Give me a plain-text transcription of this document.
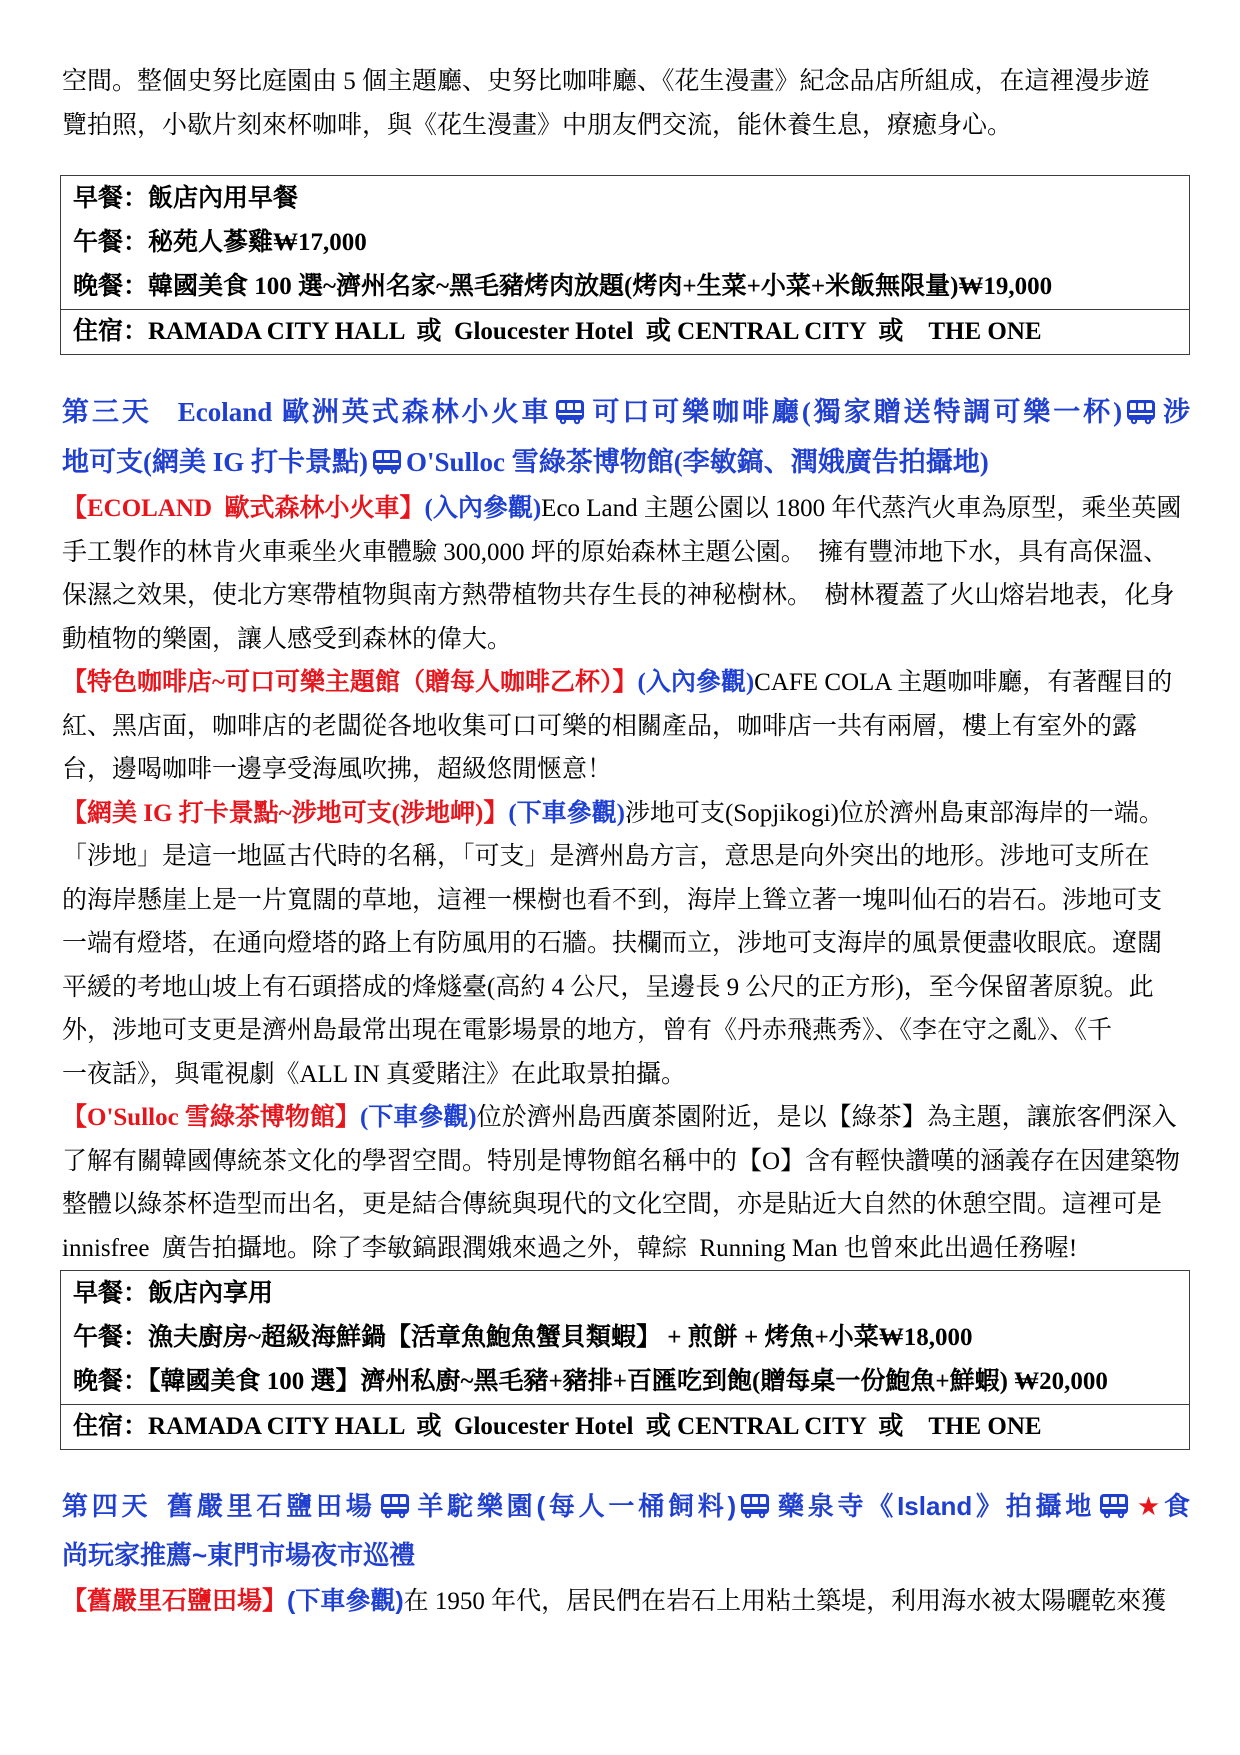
空間。整個史努比庭園由 5 個主題廳、史努比咖啡廳、《花生漫畫》紀念品店所組成，在這裡漫步遊
覽拍照，小歇片刻來杯咖啡，與《花生漫畫》中朋友們交流，能休養生息，療癒身心。
早餐：飯店內用早餐
午餐：秘苑人蔘雞₩17,000
晚餐：韓國美食 100 選~濟州名家~黑毛豬烤肉放題(烤肉+生菜+小菜+米飯無限量)₩19,000
住宿：RAMADA CITY HALL  或  Gloucester Hotel  或 CENTRAL CITY  或    THE ONE
第三天 Ecoland 歐洲英式森林小火車 可口可樂咖啡廳(獨家贈送特調可樂一杯) 涉
地可支(網美 IG 打卡景點) O'Sulloc 雪綠茶博物館(李敏鎬、潤娥廣告拍攝地)
【ECOLAND  歐式森林小火車】(入內參觀)Eco Land 主題公園以 1800 年代蒸汽火車為原型，乘坐英國
手工製作的林肯火車乘坐火車體驗 300,000 坪的原始森林主題公園。  擁有豐沛地下水，具有高保溫、
保濕之效果，使北方寒帶植物與南方熱帶植物共存生長的神秘樹林。  樹林覆蓋了火山熔岩地表，化身
動植物的樂園，讓人感受到森林的偉大。
【特色咖啡店~可口可樂主題館（贈每人咖啡乙杯）】(入內參觀)CAFE COLA 主題咖啡廳，有著醒目的
紅、黑店面，咖啡店的老闆從各地收集可口可樂的相關產品，咖啡店一共有兩層，樓上有室外的露
台，邊喝咖啡一邊享受海風吹拂，超級悠閒愜意！
【網美 IG 打卡景點~涉地可支(涉地岬)】(下車參觀)涉地可支(Sopjikogi)位於濟州島東部海岸的一端。
「涉地」是這一地區古代時的名稱，「可支」是濟州島方言，意思是向外突出的地形。涉地可支所在
的海岸懸崖上是一片寬闊的草地，這裡一棵樹也看不到，海岸上聳立著一塊叫仙石的岩石。涉地可支
一端有燈塔，在通向燈塔的路上有防風用的石牆。扶欄而立，涉地可支海岸的風景便盡收眼底。遼闊
平緩的考地山坡上有石頭搭成的烽燧臺(高約 4 公尺，呈邊長 9 公尺的正方形)，至今保留著原貌。此
外，涉地可支更是濟州島最常出現在電影場景的地方，曾有《丹赤飛燕秀》、《李在守之亂》、《千
一夜話》，與電視劇《ALL IN 真愛賭注》在此取景拍攝。
【O'Sulloc 雪綠茶博物館】(下車參觀)位於濟州島西廣茶園附近，是以【綠茶】為主題，讓旅客們深入
了解有關韓國傳統茶文化的學習空間。特別是博物館名稱中的【O】含有輕快讚嘆的涵義存在因建築物
整體以綠茶杯造型而出名，更是結合傳統與現代的文化空間，亦是貼近大自然的休憩空間。這裡可是
innisfree  廣告拍攝地。除了李敏鎬跟潤娥來過之外，韓綜  Running Man 也曾來此出過任務喔!
早餐：飯店內享用
午餐：漁夫廚房~超級海鮮鍋【活章魚鮑魚蟹貝類蝦】 + 煎餅 + 烤魚+小菜₩18,000
晚餐：【韓國美食 100 選】濟州私廚~黑毛豬+豬排+百匯吃到飽(贈每桌一份鮑魚+鮮蝦) ₩20,000
住宿：RAMADA CITY HALL  或  Gloucester Hotel  或 CENTRAL CITY  或    THE ONE
第四天 舊嚴里石鹽田場 羊駝樂園(每人一桶飼料) 藥泉寺《Island》拍攝地 ★食
尚玩家推薦~東門市場夜市巡禮
【舊嚴里石鹽田場】(下車參觀)在 1950 年代，居民們在岩石上用粘土築堤，利用海水被太陽曬乾來獲
